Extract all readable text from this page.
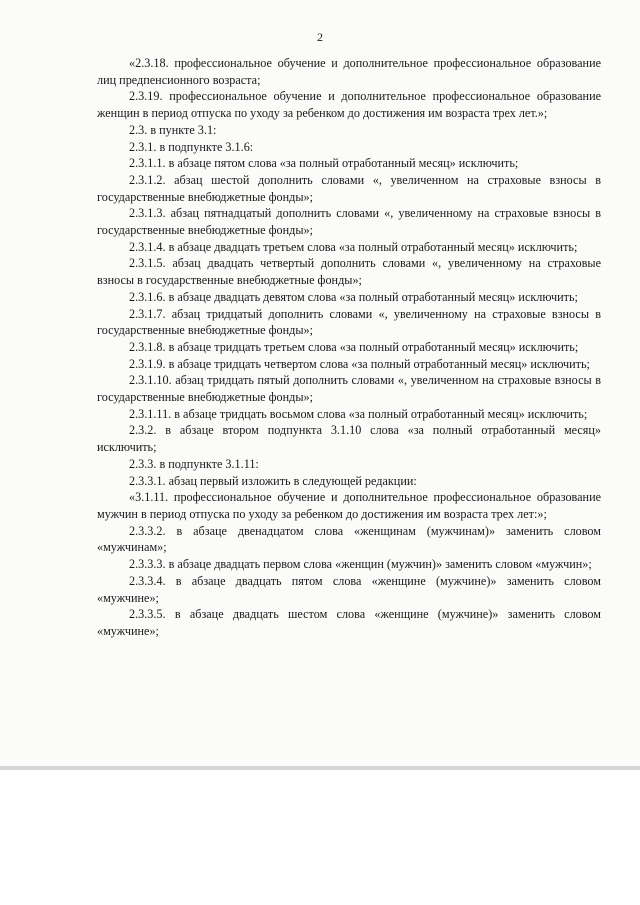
2

«2.3.18. профессиональное обучение и дополнительное профессиональное образование лиц предпенсионного возраста;

2.3.19. профессиональное обучение и дополнительное профессиональное образование женщин в период отпуска по уходу за ребенком до достижения им возраста трех лет.»;

2.3. в пункте 3.1:

2.3.1. в подпункте 3.1.6:

2.3.1.1. в абзаце пятом слова «за полный отработанный месяц» исключить;

2.3.1.2. абзац шестой дополнить словами «, увеличенном на страховые взносы в государственные внебюджетные фонды»;

2.3.1.3. абзац пятнадцатый дополнить словами «, увеличенному на страховые взносы в государственные внебюджетные фонды»;

2.3.1.4. в абзаце двадцать третьем слова «за полный отработанный месяц» исключить;

2.3.1.5. абзац двадцать четвертый дополнить словами «, увеличенному на страховые взносы в государственные внебюджетные фонды»;

2.3.1.6. в абзаце двадцать девятом слова «за полный отработанный месяц» исключить;

2.3.1.7. абзац тридцатый дополнить словами «, увеличенному на страховые взносы в государственные внебюджетные фонды»;

2.3.1.8. в абзаце тридцать третьем слова «за полный отработанный месяц» исключить;

2.3.1.9. в абзаце тридцать четвертом слова «за полный отработанный месяц» исключить;

2.3.1.10. абзац тридцать пятый дополнить словами «, увеличенном на страховые взносы в государственные внебюджетные фонды»;

2.3.1.11. в абзаце тридцать восьмом слова «за полный отработанный месяц» исключить;

2.3.2. в абзаце втором подпункта 3.1.10 слова «за полный отработанный месяц» исключить;

2.3.3. в подпункте 3.1.11:

2.3.3.1. абзац первый изложить в следующей редакции:

«3.1.11. профессиональное обучение и дополнительное профессиональное образование мужчин в период отпуска по уходу за ребенком до достижения им возраста трех лет:»;

2.3.3.2. в абзаце двенадцатом слова «женщинам (мужчинам)» заменить словом «мужчинам»;

2.3.3.3. в абзаце двадцать первом слова «женщин (мужчин)» заменить словом «мужчин»;

2.3.3.4. в абзаце двадцать пятом слова «женщине (мужчине)» заменить словом «мужчине»;

2.3.3.5. в абзаце двадцать шестом слова «женщине (мужчине)» заменить словом «мужчине»;
